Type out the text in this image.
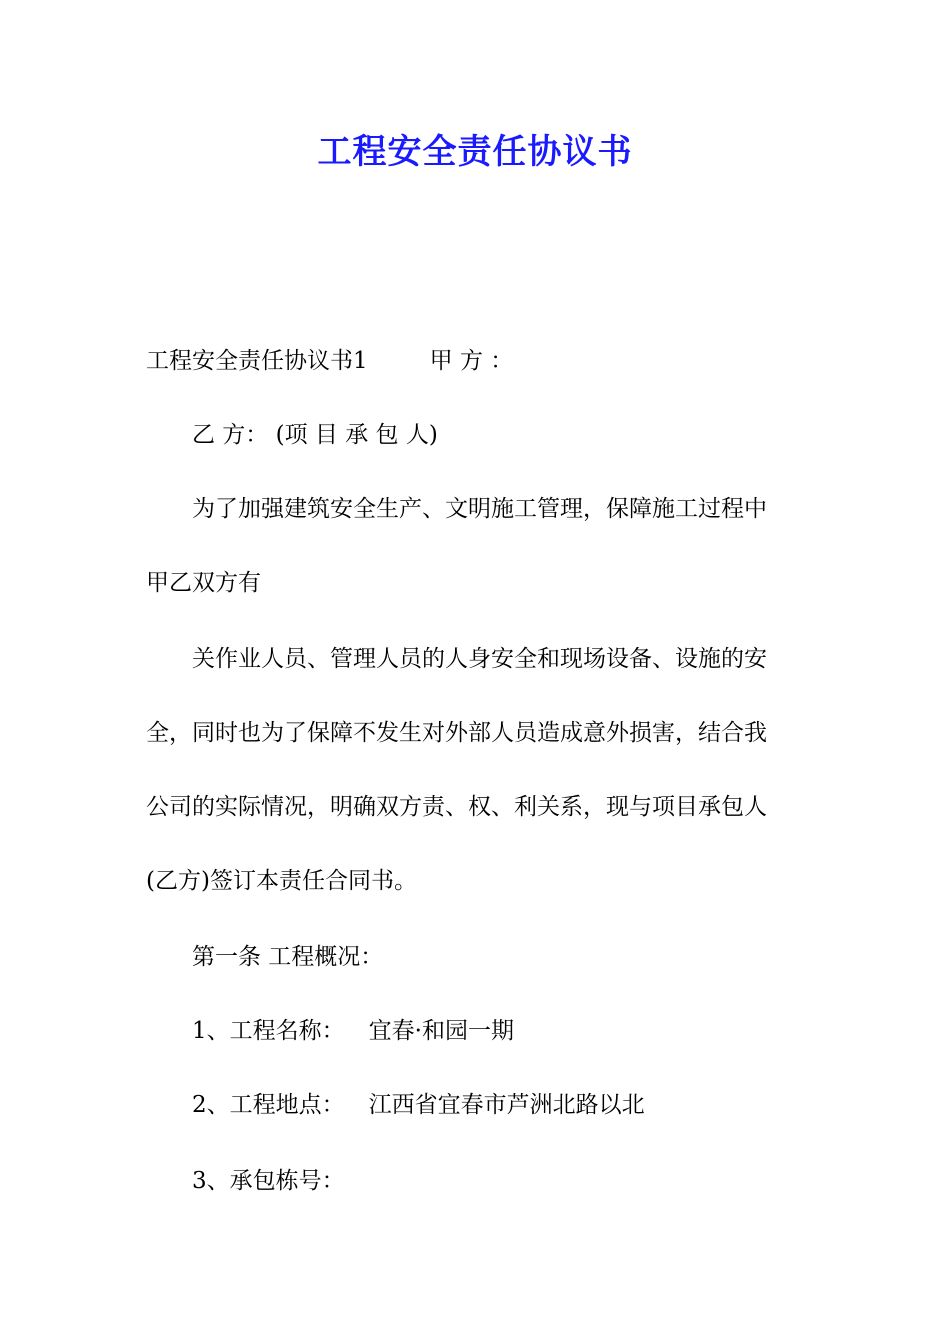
工程安全责任协议书
工程安全责任协议书1	甲 方 ：
乙 方： (项 目 承 包 人)
为了加强建筑安全生产、文明施工管理，保障施工过程中
甲乙双方有
关作业人员、管理人员的人身安全和现场设备、设施的安
全，同时也为了保障不发生对外部人员造成意外损害，结合我
公司的实际情况，明确双方责、权、利关系，现与项目承包人
(乙方)签订本责任合同书。
第一条 工程概况：
1、工程名称： 宜春·和园一期
2、工程地点： 江西省宜春市芦洲北路以北
3、承包栋号：
